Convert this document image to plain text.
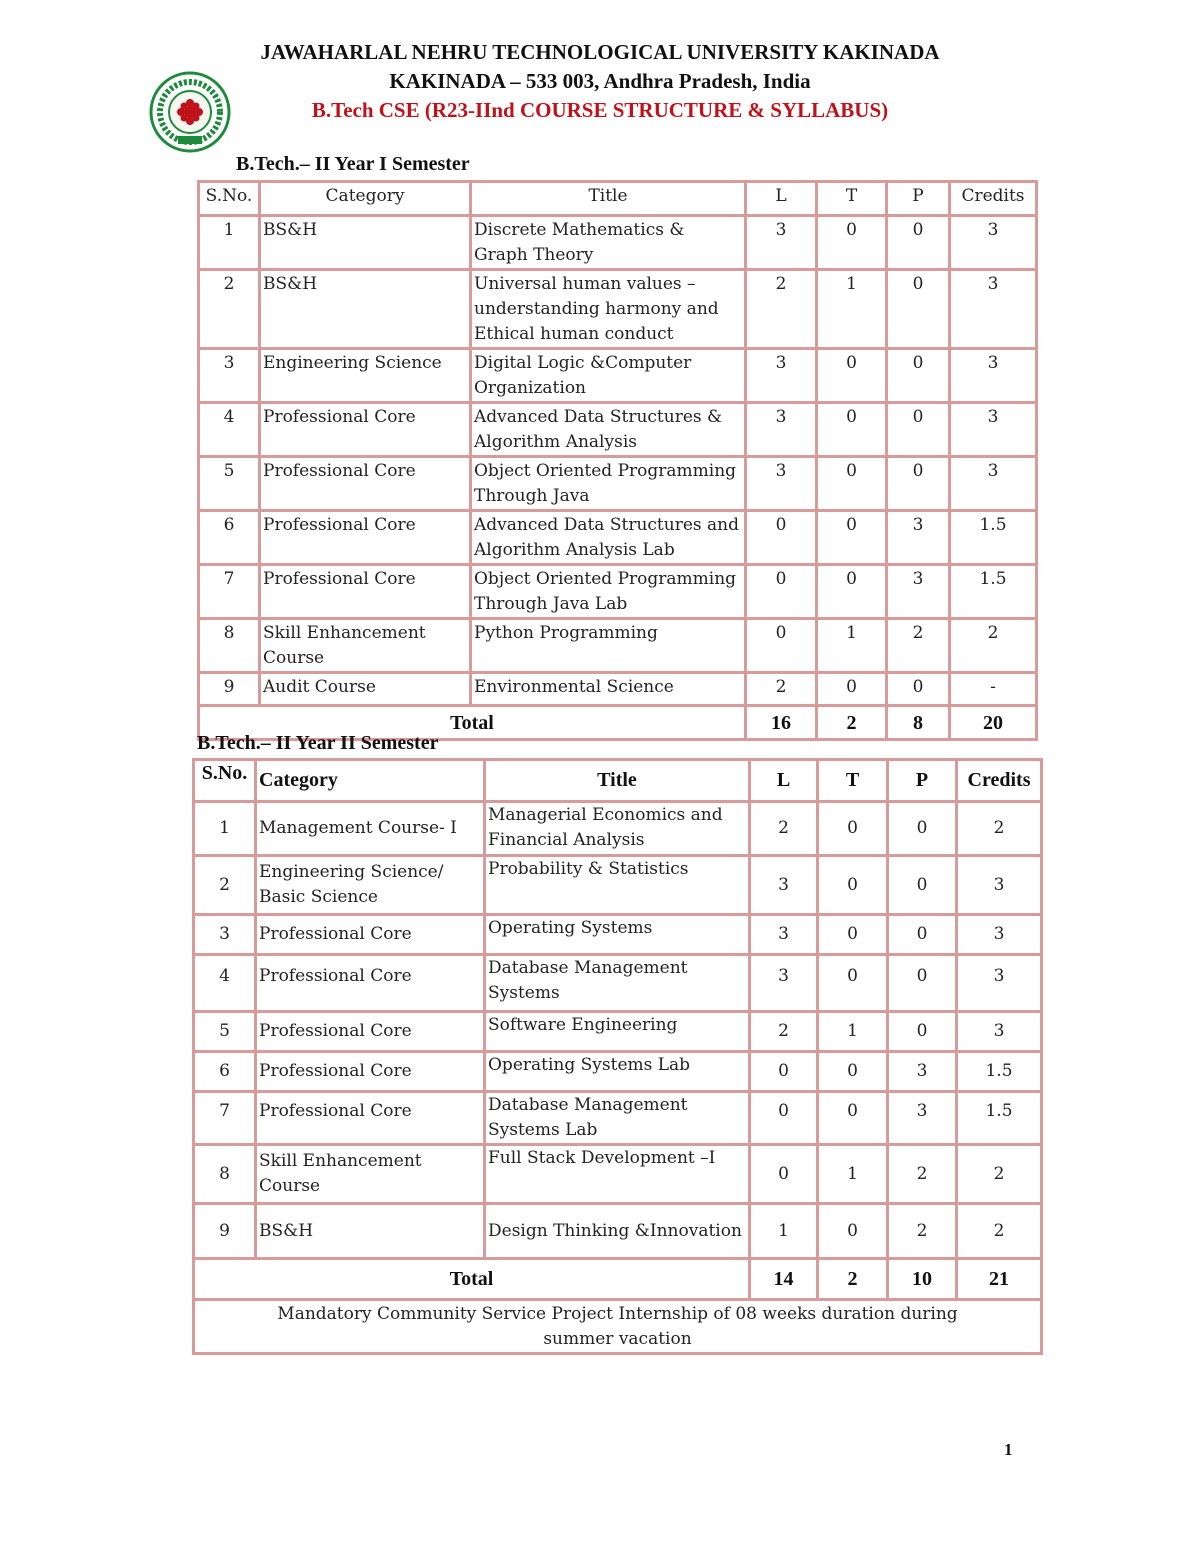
JAWAHARLAL NEHRU TECHNOLOGICAL UNIVERSITY KAKINADA
KAKINADA – 533 003, Andhra Pradesh, India
B.Tech CSE (R23-IInd COURSE STRUCTURE & SYLLABUS)
B.Tech.– II Year I Semester
S.No.	Category	Title	L	T	P	Credits
1	BS&H	Discrete Mathematics & Graph Theory	3	0	0	3
2	BS&H	Universal human values – understanding harmony and Ethical human conduct	2	1	0	3
3	Engineering Science	Digital Logic &Computer Organization	3	0	0	3
4	Professional Core	Advanced Data Structures & Algorithm Analysis	3	0	0	3
5	Professional Core	Object Oriented Programming Through Java	3	0	0	3
6	Professional Core	Advanced Data Structures and Algorithm Analysis Lab	0	0	3	1.5
7	Professional Core	Object Oriented Programming Through Java Lab	0	0	3	1.5
8	Skill Enhancement Course	Python Programming	0	1	2	2
9	Audit Course	Environmental Science	2	0	0	-
Total			16	2	8	20
B.Tech.– II Year II Semester
S.No.	Category	Title	L	T	P	Credits
1	Management Course- I	Managerial Economics and Financial Analysis	2	0	0	2
2	Engineering Science/ Basic Science	Probability & Statistics	3	0	0	3
3	Professional Core	Operating Systems	3	0	0	3
4	Professional Core	Database Management Systems	3	0	0	3
5	Professional Core	Software Engineering	2	1	0	3
6	Professional Core	Operating Systems Lab	0	0	3	1.5
7	Professional Core	Database Management Systems Lab	0	0	3	1.5
8	Skill Enhancement Course	Full Stack Development –I	0	1	2	2
9	BS&H	Design Thinking &Innovation	1	0	2	2
Total			14	2	10	21
Mandatory Community Service Project Internship of 08 weeks duration during summer vacation						
1
